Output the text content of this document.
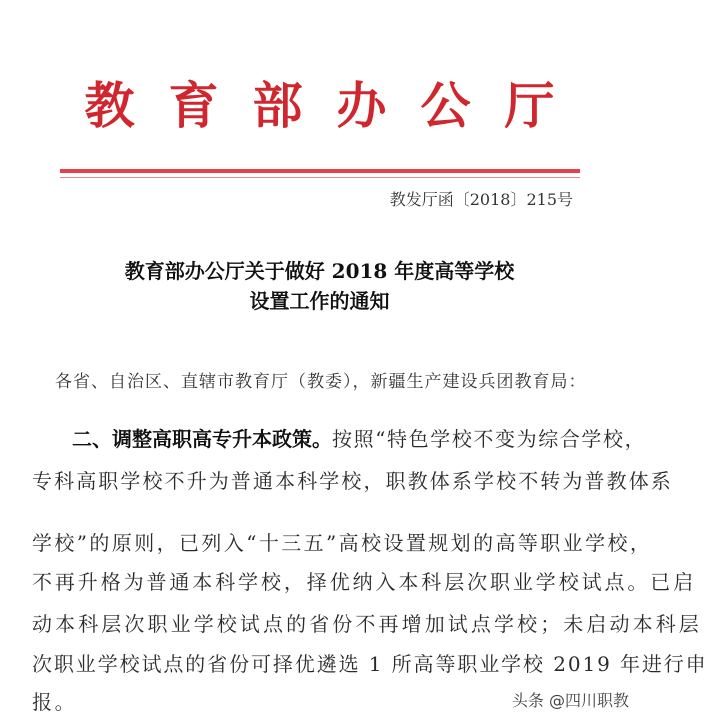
教 育 部 办 公 厅
教发厅函〔2018〕215号
教育部办公厅关于做好 2018 年度高等学校
设置工作的通知
各省、自治区、直辖市教育厅（教委），新疆生产建设兵团教育局：
二、调整高职高专升本政策。按照“特色学校不变为综合学校，
专科高职学校不升为普通本科学校，职教体系学校不转为普教体系
学校”的原则，已列入“十三五”高校设置规划的高等职业学校，
不再升格为普通本科学校，择优纳入本科层次职业学校试点。已启
动本科层次职业学校试点的省份不再增加试点学校；未启动本科层
次职业学校试点的省份可择优遴选 1 所高等职业学校 2019 年进行申
报。	头条 @四川职教
